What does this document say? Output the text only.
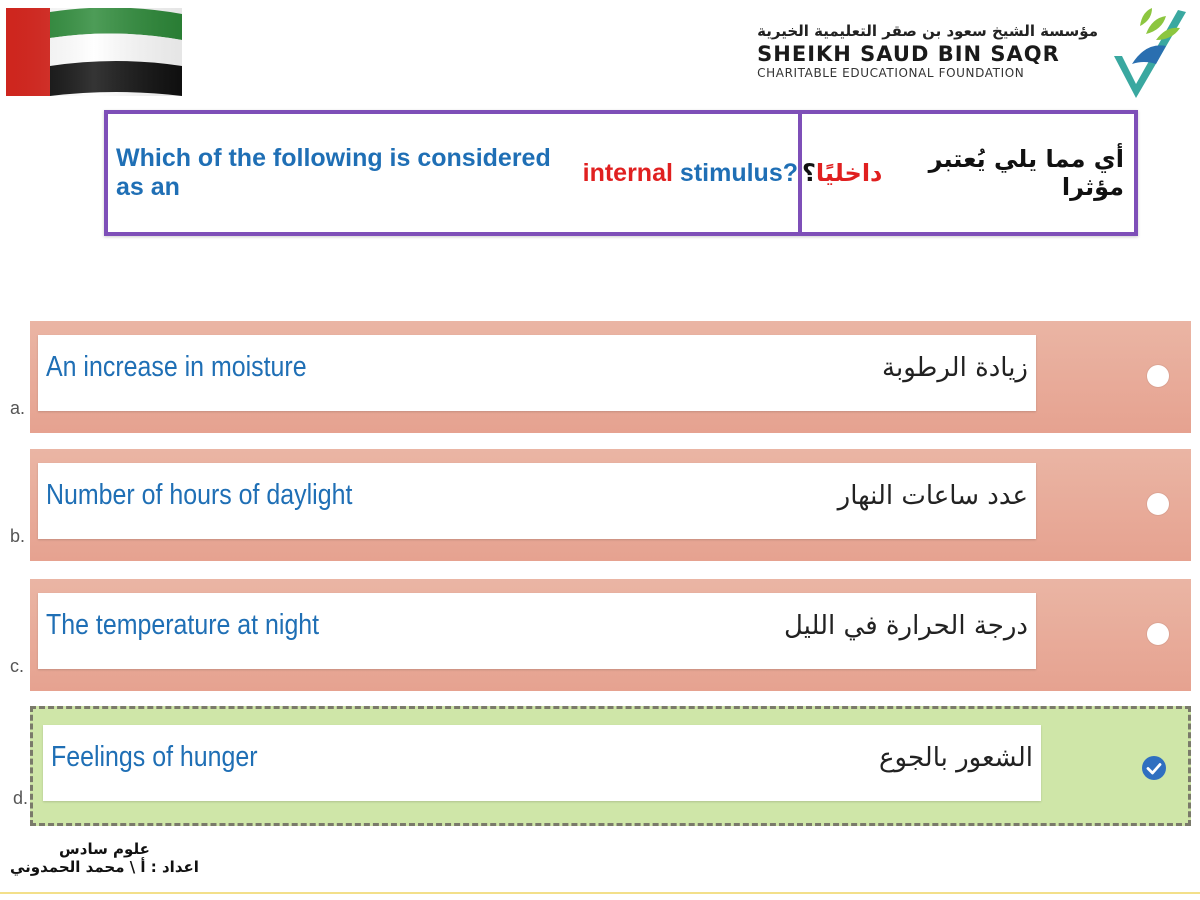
مؤسسة الشيخ سعود بن صقر التعليمية الخيرية
SHEIKH SAUD BIN SAQR
CHARITABLE EDUCATIONAL FOUNDATION
Which of the following is considered as an
internal stimulus?	أي مما يلي يُعتبر مؤثرا
داخليًا
؟
a.
An increase in moisture	زيادة الرطوبة
b.
Number of hours of daylight	عدد ساعات النهار
c.
The temperature at night	درجة الحرارة في الليل
d.
Feelings of hunger	الشعور بالجوع
علوم سادس
اعداد : أ \ محمد الحمدوني
